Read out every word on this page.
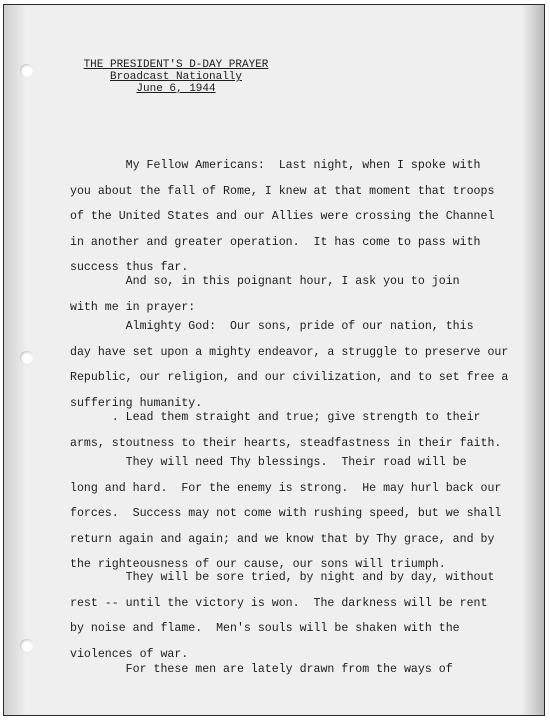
THE PRESIDENT'S D-DAY PRAYER
Broadcast Nationally
June 6, 1944
My Fellow Americans:  Last night, when I spoke with
you about the fall of Rome, I knew at that moment that troops
of the United States and our Allies were crossing the Channel
in another and greater operation.  It has come to pass with
success thus far.
And so, in this poignant hour, I ask you to join
with me in prayer:
Almighty God:  Our sons, pride of our nation, this
day have set upon a mighty endeavor, a struggle to preserve our
Republic, our religion, and our civilization, and to set free a
suffering humanity.
. Lead them straight and true; give strength to their
arms, stoutness to their hearts, steadfastness in their faith.
They will need Thy blessings.  Their road will be
long and hard.  For the enemy is strong.  He may hurl back our
forces.  Success may not come with rushing speed, but we shall
return again and again; and we know that by Thy grace, and by
the righteousness of our cause, our sons will triumph.
They will be sore tried, by night and by day, without
rest -- until the victory is won.  The darkness will be rent
by noise and flame.  Men's souls will be shaken with the
violences of war.
For these men are lately drawn from the ways of
